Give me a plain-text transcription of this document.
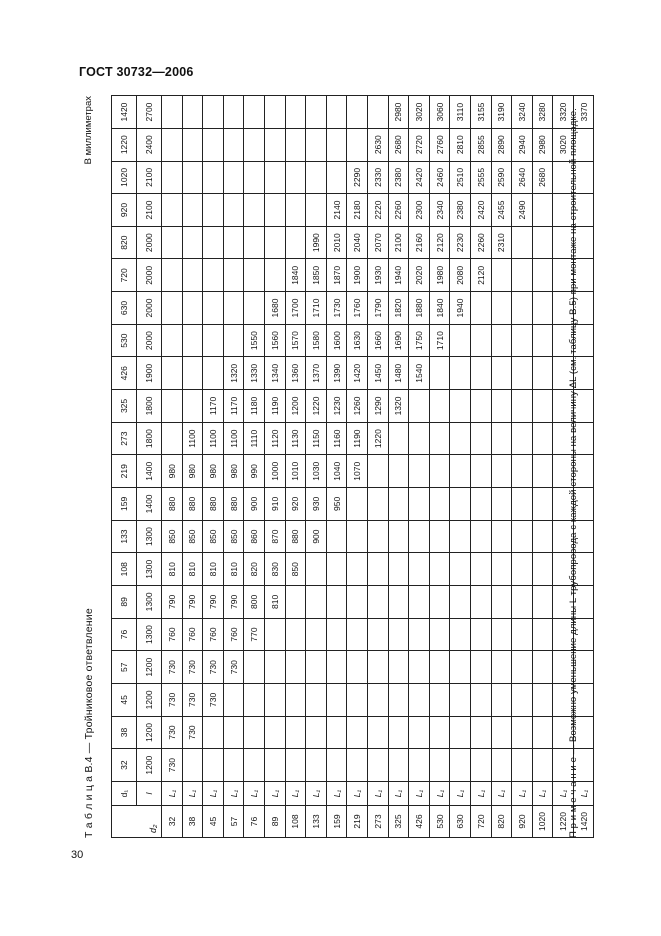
ГОСТ 30732—2006
30
Т а б л и ц а В.4 — Тройниковое ответвление
В миллиметрах
d₂	d₁	32	38	45	57	76	89	108	133	159	219	273	325	426	530	630	720	820	920	1020	1220	1420
	l	1200	1200	1200	1200	1300	1300	1300	1300	1400	1400	1800	1800	1900	2000	2000	2000	2000	2100	2100	2400	2700
32	L₁	730	730	730	730	760	790	810	850	880	980											
38	L₁		730	730	730	760	790	810	850	880	980	1100										
45	L₁			730	730	760	790	810	850	880	980	1100	1170									
57	L₁				730	760	790	810	850	880	980	1100	1170	1320								
76	L₁					770	800	820	860	900	990	1110	1180	1330	1550							
89	L₁						810	830	870	910	1000	1120	1190	1340	1560	1680						
108	L₁							850	880	920	1010	1130	1200	1360	1570	1700	1840					
133	L₁								900	930	1030	1150	1220	1370	1580	1710	1850	1990				
159	L₁									950	1040	1160	1230	1390	1600	1730	1870	2010	2140			
219	L₁										1070	1190	1260	1420	1630	1760	1900	2040	2180	2290		
273	L₁											1220	1290	1450	1660	1790	1930	2070	2220	2330	2630	
325	L₁												1320	1480	1690	1820	1940	2100	2260	2380	2680	2980
426	L₁													1540	1750	1880	2020	2160	2300	2420	2720	3020
530	L₁														1710	1840	1980	2120	2340	2460	2760	3060
630	L₁															1940	2080	2230	2380	2510	2810	3110
720	L₁																2120	2260	2420	2555	2855	3155
820	L₁																	2310	2455	2590	2890	3190
920	L₁																		2490	2640	2940	3240
1020	L₁																			2680	2980	3280
1220	L₁																				3020	3320
1420	L₁																					3370
П р и м е ч а н и е — Возможно уменьшение длины L трубопровода с каждой стороны на величину ΔL (см. таблицу В.5) при монтаже на строительной площадке.
